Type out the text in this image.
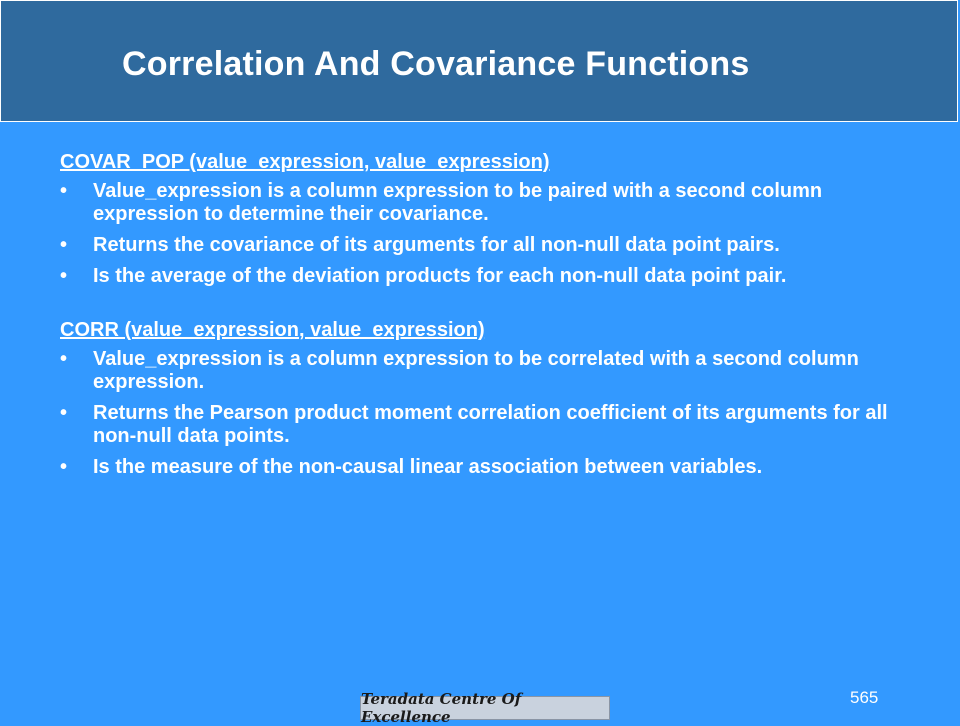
Correlation And Covariance Functions
COVAR_POP (value_expression, value_expression)
• Value_expression is a column expression to be paired with a second column expression to determine their covariance.
• Returns the covariance of its arguments for all non-null data point pairs.
• Is the average of the deviation products for each non-null data point pair.
CORR (value_expression, value_expression)
• Value_expression is a column expression to be correlated with a second column expression.
• Returns the Pearson product moment correlation coefficient of its arguments for all non-null data points.
• Is the measure of the non-causal linear association between variables.
565
Teradata Centre Of Excellence
